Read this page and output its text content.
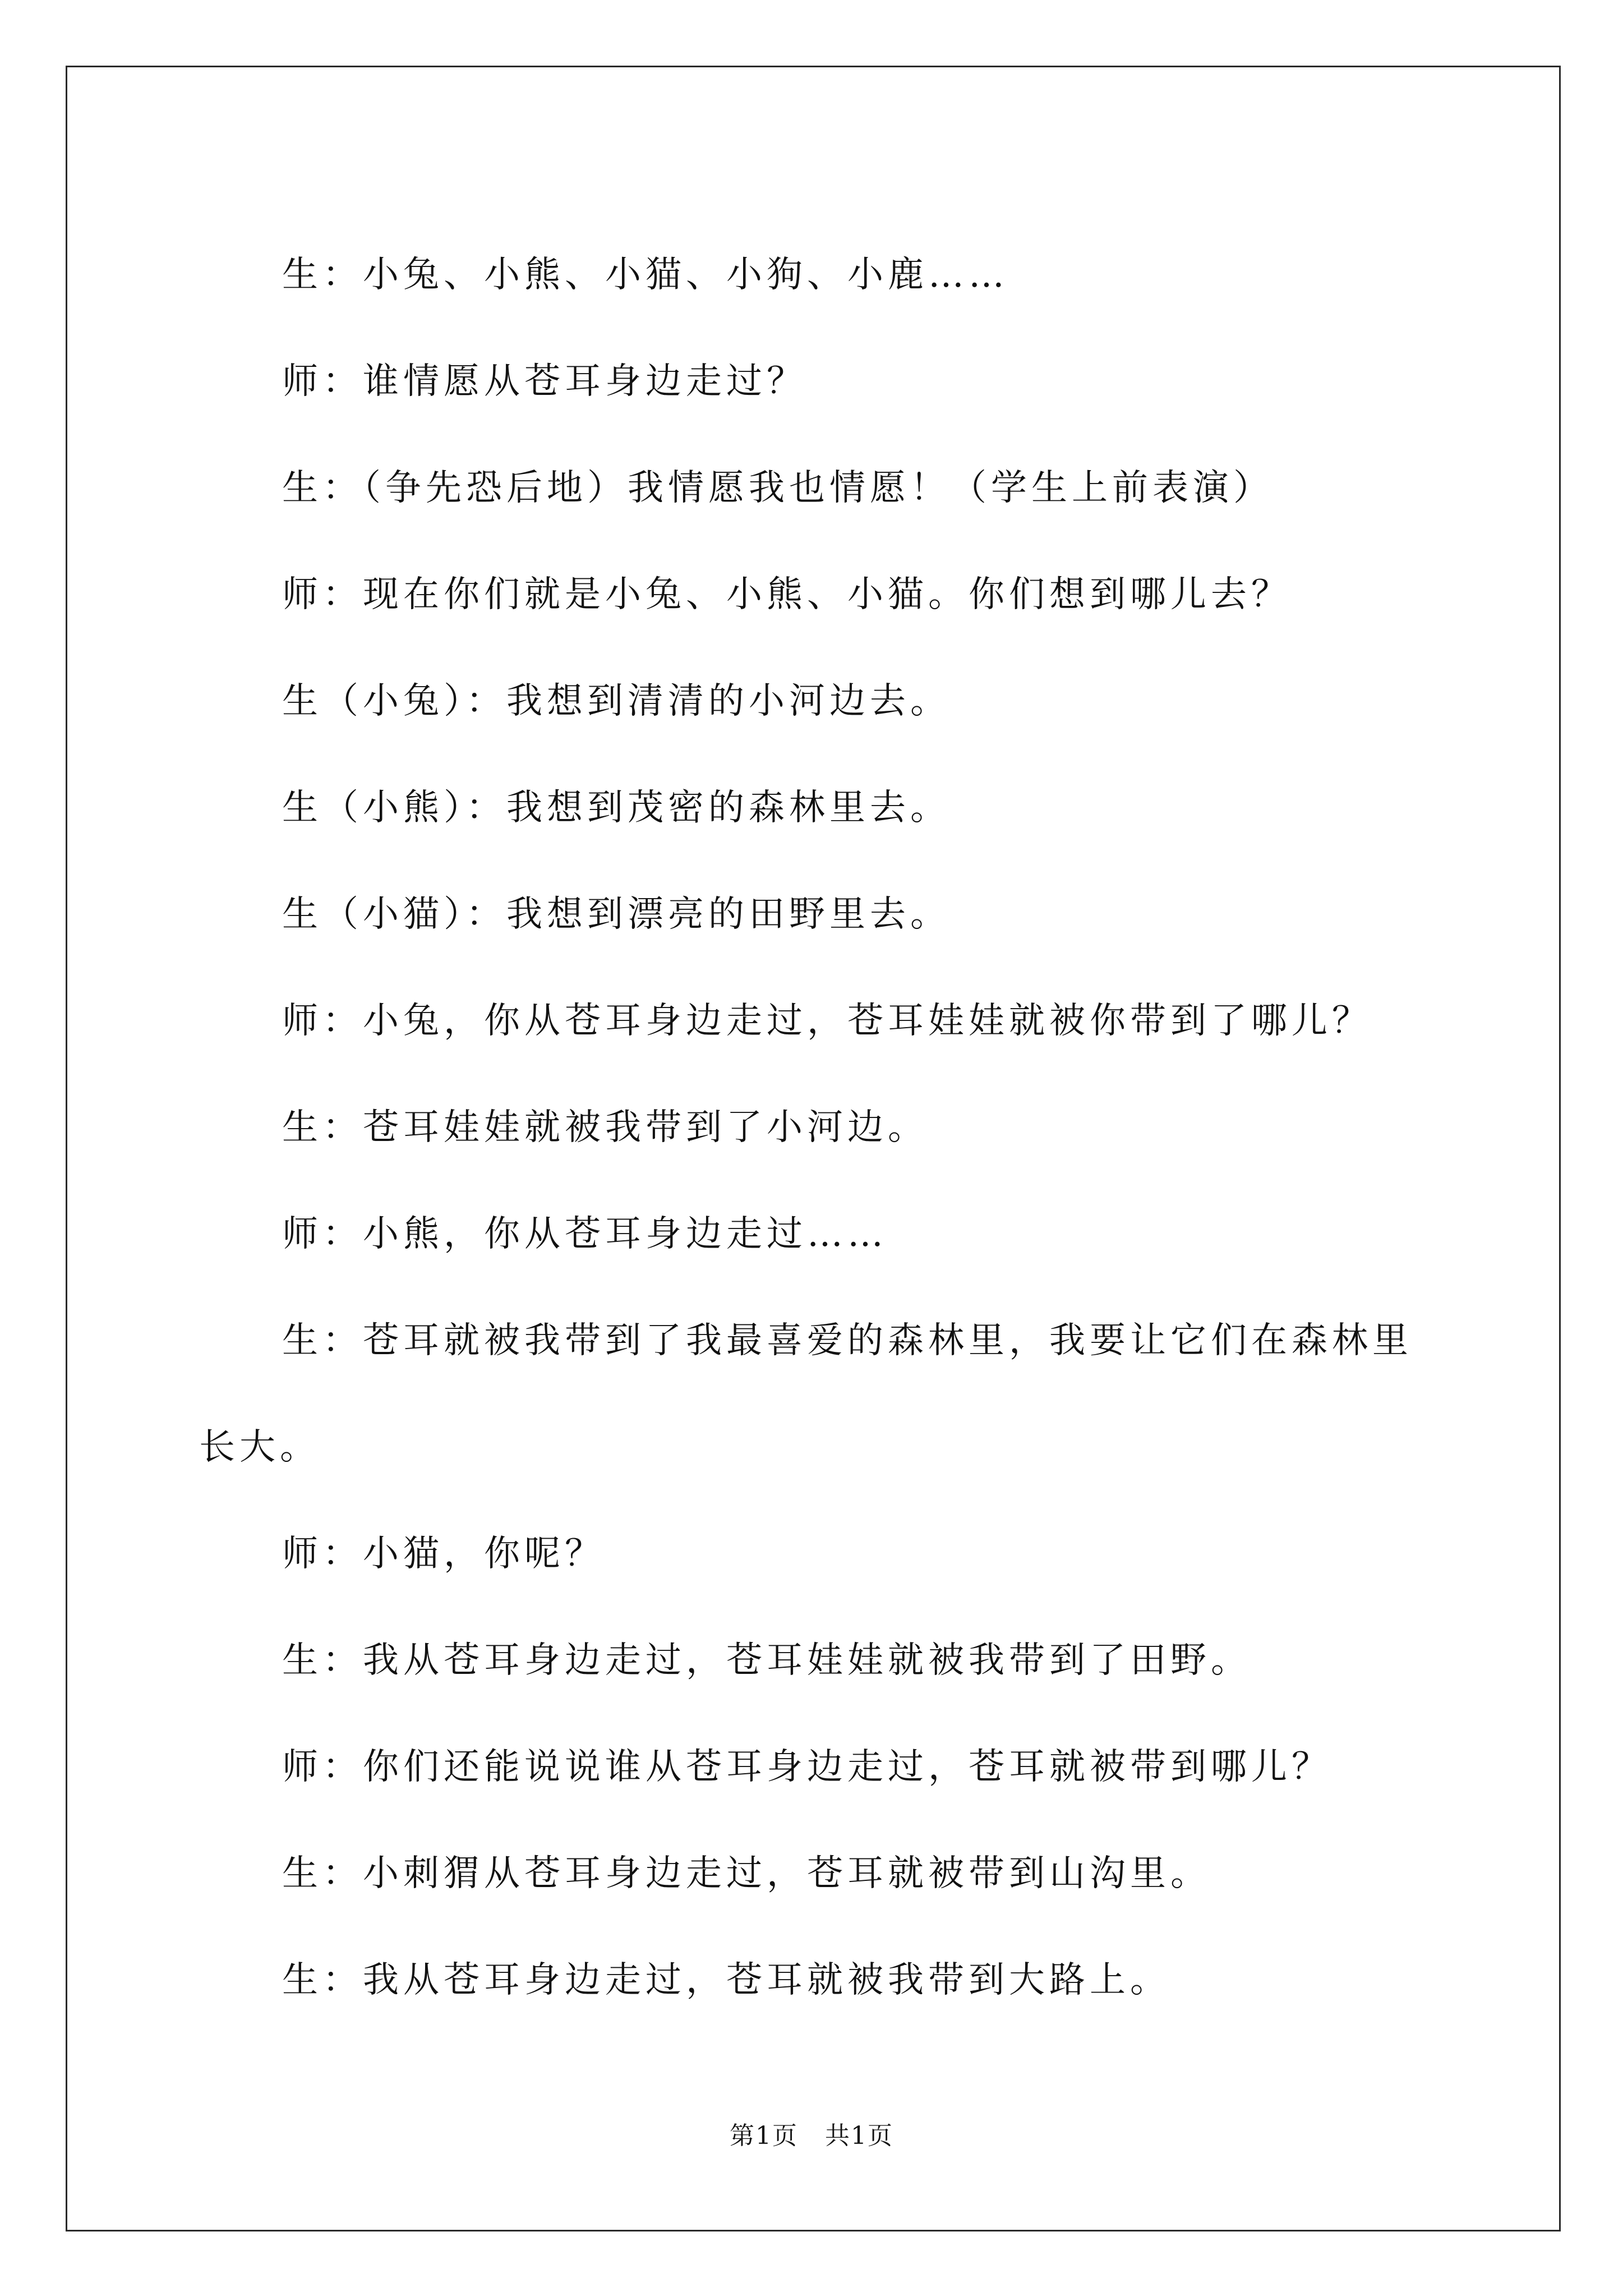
生：小兔、小熊、小猫、小狗、小鹿……
师：谁情愿从苍耳身边走过？
生：（争先恐后地）我情愿我也情愿！（学生上前表演）
师：现在你们就是小兔、小熊、小猫。你们想到哪儿去？
生（小兔）：我想到清清的小河边去。
生（小熊）：我想到茂密的森林里去。
生（小猫）：我想到漂亮的田野里去。
师：小兔，你从苍耳身边走过，苍耳娃娃就被你带到了哪儿？
生：苍耳娃娃就被我带到了小河边。
师：小熊，你从苍耳身边走过……
生：苍耳就被我带到了我最喜爱的森林里，我要让它们在森林里长大。
师：小猫，你呢？
生：我从苍耳身边走过，苍耳娃娃就被我带到了田野。
师：你们还能说说谁从苍耳身边走过，苍耳就被带到哪儿？
生：小刺猬从苍耳身边走过，苍耳就被带到山沟里。
生：我从苍耳身边走过，苍耳就被我带到大路上。
第1页 共1页
